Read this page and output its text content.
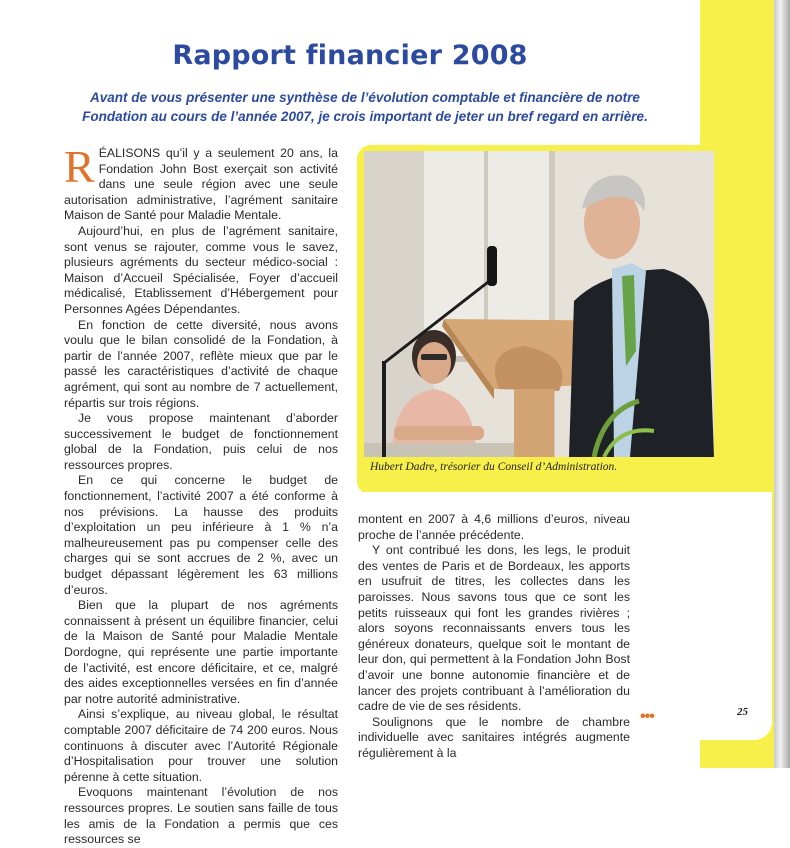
Rapport financier 2008
Avant de vous présenter une synthèse de l’évolution comptable et financière de notre
Fondation au cours de l’année 2007, je crois important de jeter un bref regard en arrière.

RÉALISONS qu’il y a seulement 20 ans, la Fondation John Bost exerçait son activité dans une seule région avec une seule autorisation administrative, l’agrément sanitaire Maison de Santé pour Maladie Mentale.

Aujourd’hui, en plus de l’agrément sanitaire, sont venus se rajouter, comme vous le savez, plusieurs agréments du secteur médico-social : Maison d’Accueil Spécialisée, Foyer d’accueil médicalisé, Etablissement d’Hébergement pour Personnes Agées Dépendantes.

En fonction de cette diversité, nous avons voulu que le bilan consolidé de la Fondation, à partir de l’année 2007, reflète mieux que par le passé les caractéristiques d’activité de chaque agrément, qui sont au nombre de 7 actuellement, répartis sur trois régions.

Je vous propose maintenant d’aborder successivement le budget de fonctionnement global de la Fondation, puis celui de nos ressources propres.

En ce qui concerne le budget de fonctionnement, l’activité 2007 a été conforme à nos prévisions. La hausse des produits d’exploitation un peu inférieure à 1 % n’a malheureusement pas pu compenser celle des charges qui se sont accrues de 2 %, avec un budget dépassant légèrement les 63 millions d’euros.

Bien que la plupart de nos agréments connaissent à présent un équilibre financier, celui de la Maison de Santé pour Maladie Mentale Dordogne, qui représente une partie importante de l’activité, est encore déficitaire, et ce, malgré des aides exceptionnelles versées en fin d’année par notre autorité administrative.

Ainsi s’explique, au niveau global, le résultat comptable 2007 déficitaire de 74 200 euros. Nous continuons à discuter avec l’Autorité Régionale d’Hospitalisation pour trouver une solution pérenne à cette situation.

Evoquons maintenant l’évolution de nos ressources propres. Le soutien sans faille de tous les amis de la Fondation a permis que ces ressources se

Hubert Dadre, trésorier du Conseil d’Administration.

montent en 2007 à 4,6 millions d’euros, niveau proche de l’année précédente.

Y ont contribué les dons, les legs, le produit des ventes de Paris et de Bordeaux, les apports en usufruit de titres, les collectes dans les paroisses. Nous savons tous que ce sont les petits ruisseaux qui font les grandes rivières ; alors soyons reconnaissants envers tous les généreux donateurs, quelque soit le montant de leur don, qui permettent à la Fondation John Bost d’avoir une bonne autonomie financière et de lancer des projets contribuant à l’amélioration du cadre de vie de ses résidents.

Soulignons que le nombre de chambre individuelle avec sanitaires intégrés augmente régulièrement à la

•••	25
